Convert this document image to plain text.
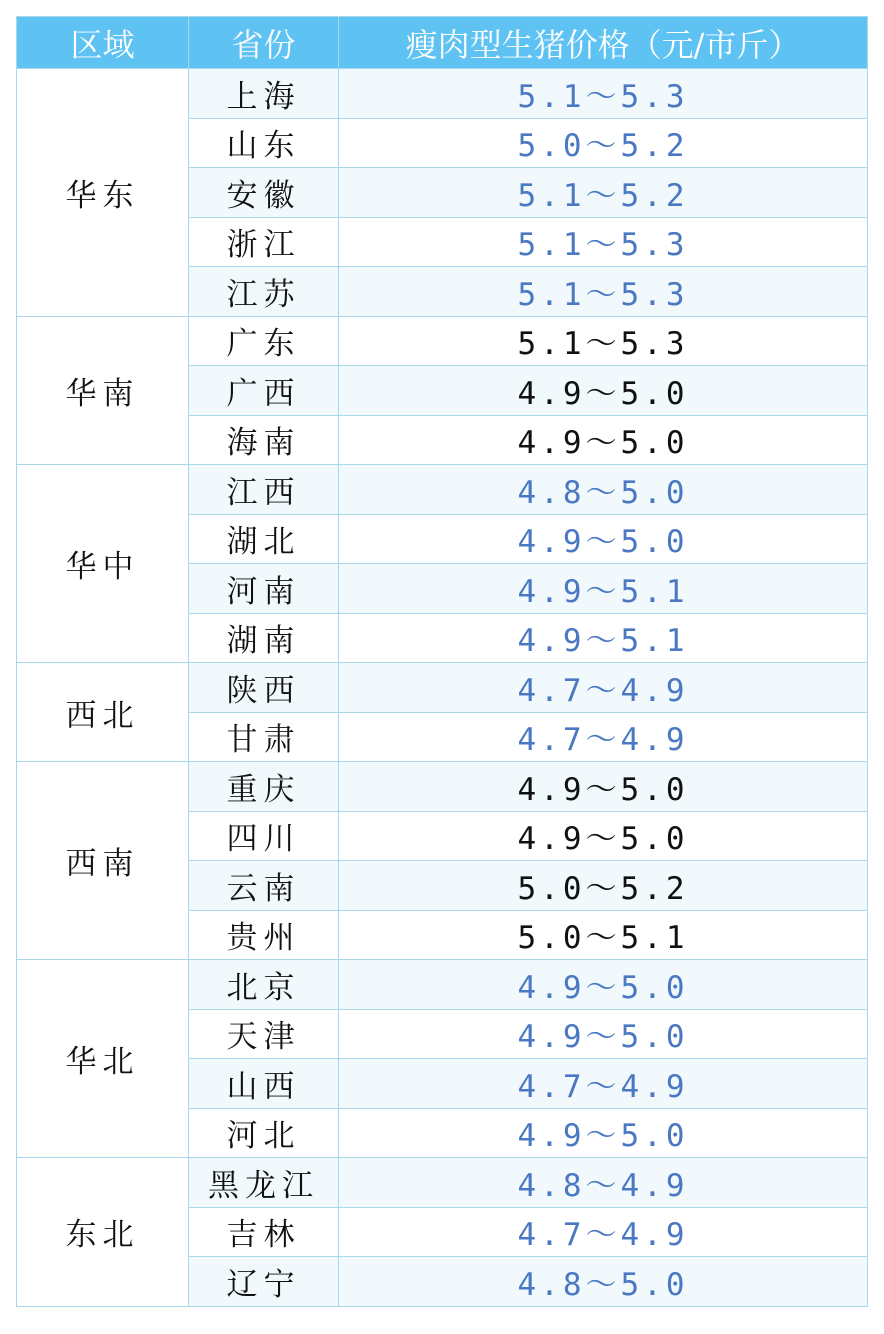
区域	省份	瘦肉型生猪价格（元/市斤）
华东	上海	5.1～5.3
	山东	5.0～5.2
	安徽	5.1～5.2
	浙江	5.1～5.3
	江苏	5.1～5.3
华南	广东	5.1～5.3
	广西	4.9～5.0
	海南	4.9～5.0
华中	江西	4.8～5.0
	湖北	4.9～5.0
	河南	4.9～5.1
	湖南	4.9～5.1
西北	陕西	4.7～4.9
	甘肃	4.7～4.9
西南	重庆	4.9～5.0
	四川	4.9～5.0
	云南	5.0～5.2
	贵州	5.0～5.1
华北	北京	4.9～5.0
	天津	4.9～5.0
	山西	4.7～4.9
	河北	4.9～5.0
东北	黑龙江	4.8～4.9
	吉林	4.7～4.9
	辽宁	4.8～5.0
